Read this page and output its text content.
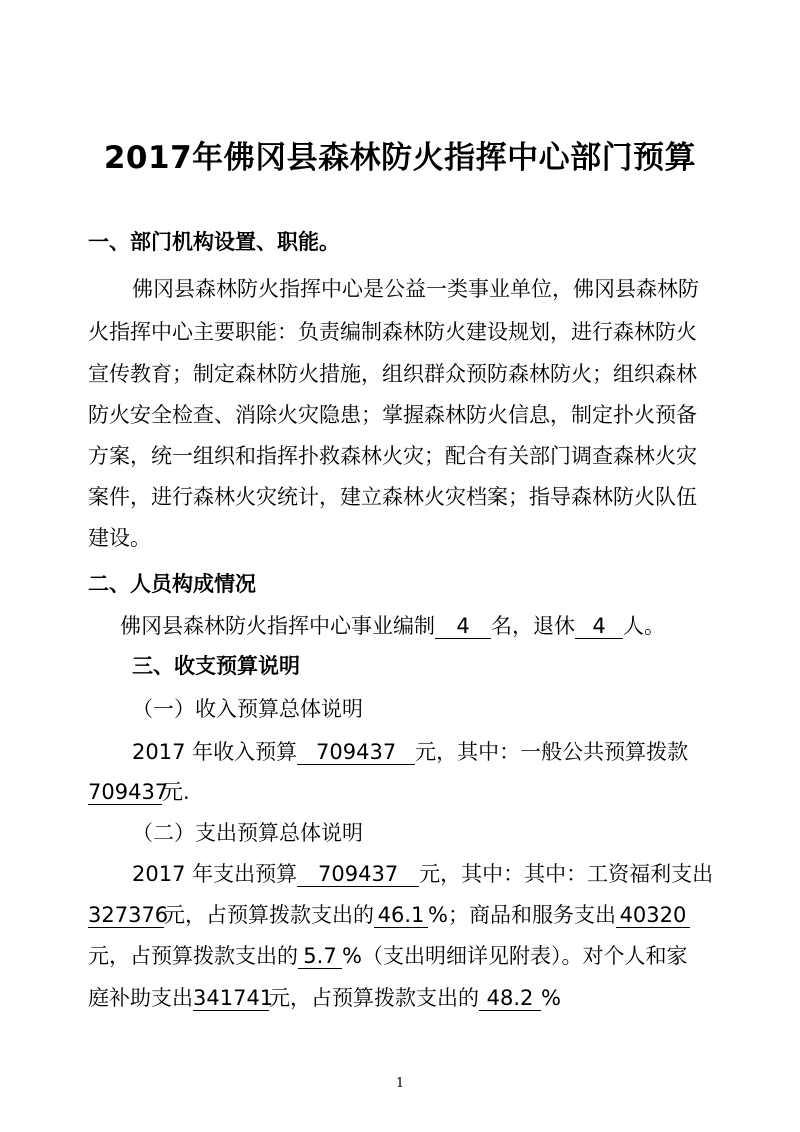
2017年佛冈县森林防火指挥中心部门预算
一、部门机构设置、职能。
佛冈县森林防火指挥中心是公益一类事业单位，佛冈县森林防
火指挥中心主要职能：负责编制森林防火建设规划，进行森林防火
宣传教育；制定森林防火措施，组织群众预防森林防火；组织森林
防火安全检查、消除火灾隐患；掌握森林防火信息，制定扑火预备
方案，统一组织和指挥扑救森林火灾；配合有关部门调查森林火灾
案件，进行森林火灾统计，建立森林火灾档案；指导森林防火队伍
建设。
二、人员构成情况
佛冈县森林防火指挥中心事业编制 4 名，退休 4 人。
三、收支预算说明
（一）收入预算总体说明
2017 年收入预算 709437 元，其中：一般公共预算拨款
709437元.
（二）支出预算总体说明
2017 年支出预算 709437 元，其中：其中：工资福利支出
327376元，占预算拨款支出的 46.1 %；商品和服务支出 40320
元，占预算拨款支出的 5.7 %（支出明细详见附表）。对个人和家
庭补助支出341741元，占预算拨款支出的 48.2 %
1
